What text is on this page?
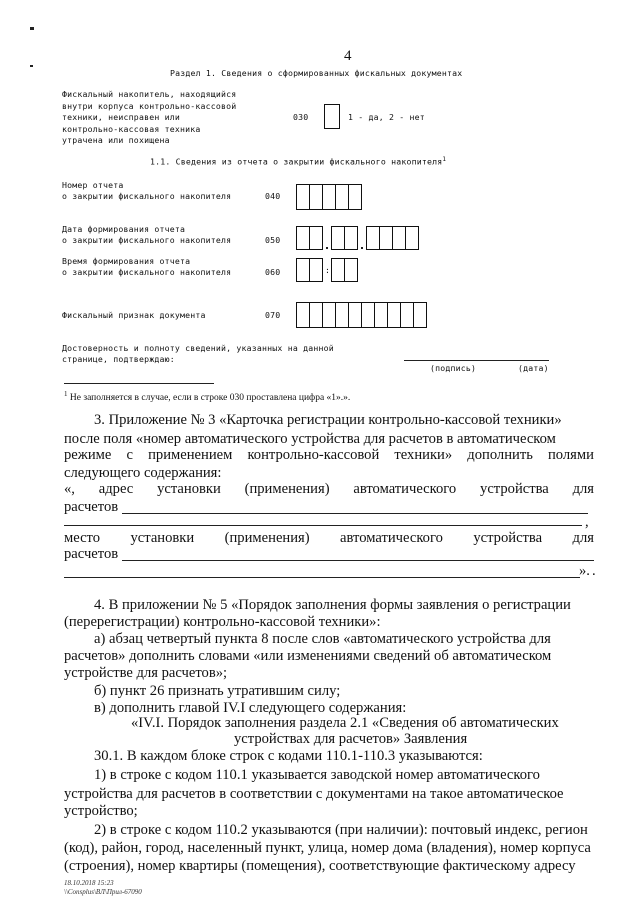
4
Раздел 1. Сведения о сформированных фискальных документах
Фискальный накопитель, находящийся
внутри корпуса контрольно-кассовой
техники, неисправен или
контрольно-кассовая техника
утрачена или похищена
030	1 - да, 2 - нет
1.1. Сведения из отчета о закрытии фискального накопителя$^1$
Номер отчета
о закрытии фискального накопителя	040
Дата формирования отчета
о закрытии фискального накопителя	050
Время формирования отчета
о закрытии фискального накопителя	060	:
Фискальный признак документа	070
Достоверность и полноту сведений, указанных на данной
странице, подтверждаю:
(подпись)	(дата)
$^1$ Не заполняется в случае, если в строке 030 проставлена цифра «1».».
3. Приложение № 3 «Карточка регистрации контрольно-кассовой техники»
после поля «номер автоматического устройства для расчетов в автоматическом
режиме с применением контрольно-кассовой техники» дополнить полями
следующего содержания:
«, адрес установки (применения) автоматического устройства для
расчетов
,
место установки (применения) автоматического устройства для
расчетов
». .
4. В приложении № 5 «Порядок заполнения формы заявления о регистрации
(перерегистрации) контрольно-кассовой техники»:
а) абзац четвертый пункта 8 после слов «автоматического устройства для
расчетов» дополнить словами «или изменениями сведений об автоматическом
устройстве для расчетов»;
б) пункт 26 признать утратившим силу;
в) дополнить главой IV.I следующего содержания:
«IV.I. Порядок заполнения раздела 2.1 «Сведения об автоматических
устройствах для расчетов» Заявления
30.1. В каждом блоке строк с кодами 110.1-110.3 указываются:
1) в строке с кодом 110.1 указывается заводской номер автоматического
устройства для расчетов в соответствии с документами на такое автоматическое
устройство;
2) в строке с кодом 110.2 указываются (при наличии): почтовый индекс, регион
(код), район, город, населенный пункт, улица, номер дома (владения), номер корпуса
(строения), номер квартиры (помещения), соответствующие фактическому адресу
18.10.2018 15:23
\\Consplus\ВЛ\Прил-67090
